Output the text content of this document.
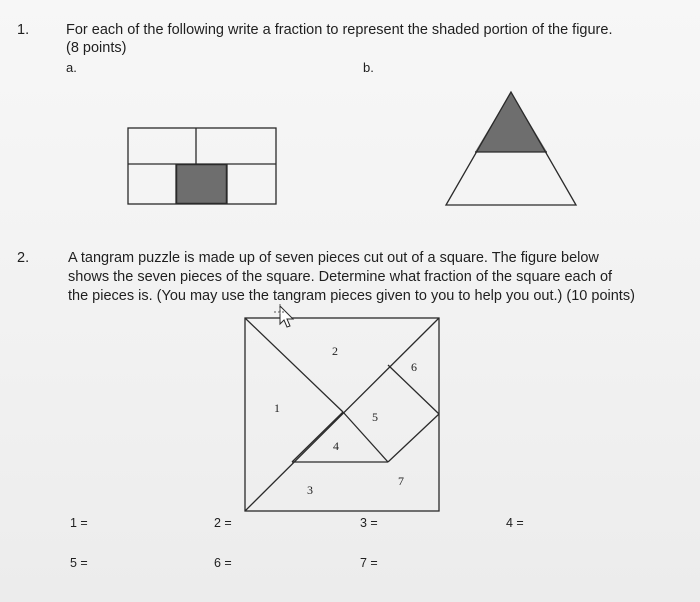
1.	For each of the following write a fraction to represent the shaded portion of the figure.
(8 points)
a.	b.
2.	A tangram puzzle is made up of seven pieces cut out of a square. The figure below
shows the seven pieces of the square. Determine what fraction of the square each of
the pieces is. (You may use the tangram pieces given to you to help you out.) (10 points)
1
2
3
4
5
6
7
1 =	2 =	3 =	4 =
5 =	6 =	7 =
